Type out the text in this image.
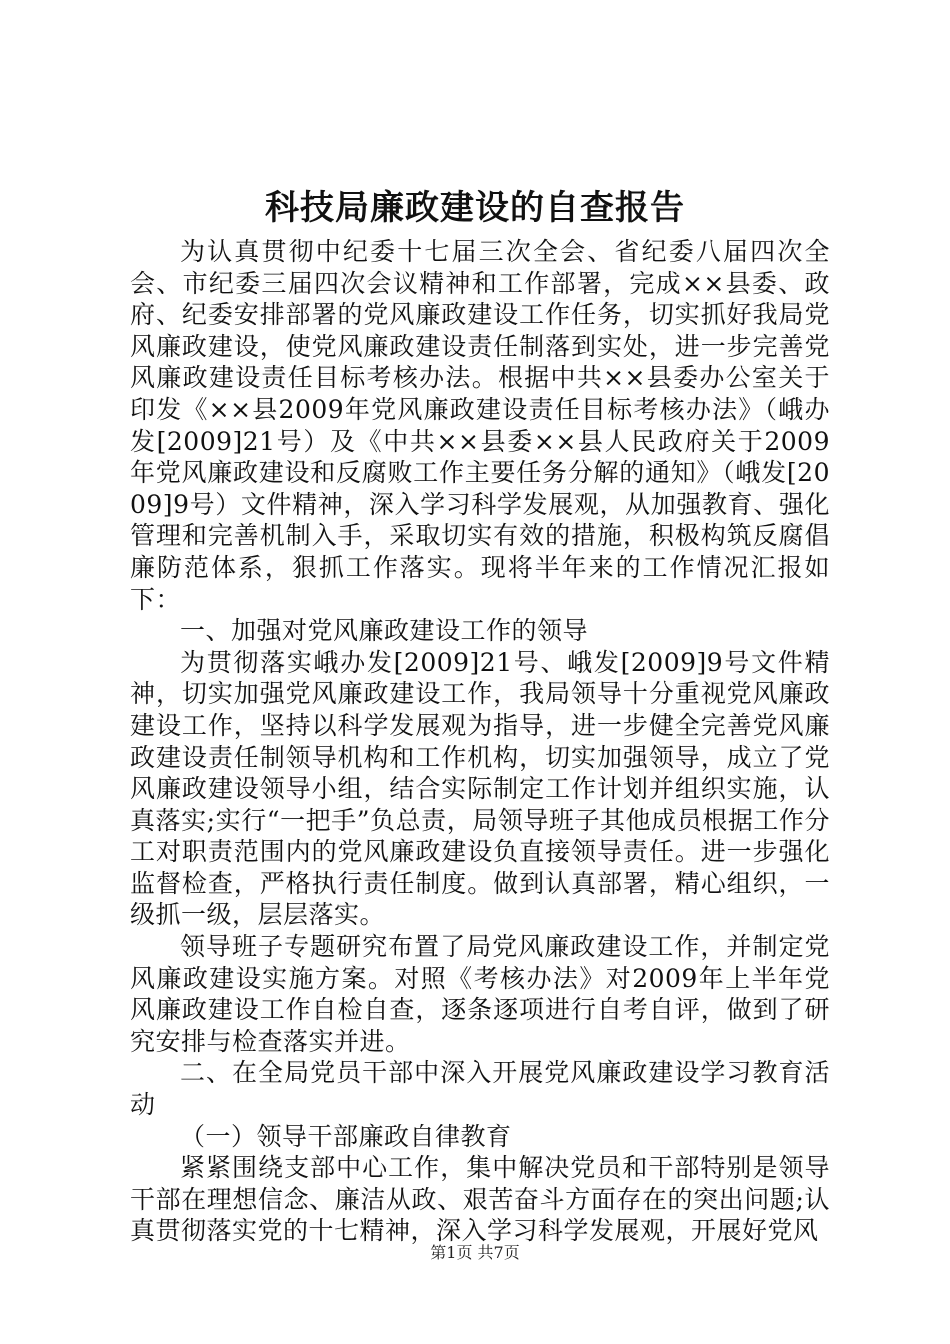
科技局廉政建设的自查报告

为认真贯彻中纪委十七届三次全会、省纪委八届四次全会、市纪委三届四次会议精神和工作部署，完成××县委、政府、纪委安排部署的党风廉政建设工作任务，切实抓好我局党风廉政建设，使党风廉政建设责任制落到实处，进一步完善党风廉政建设责任目标考核办法。根据中共××县委办公室关于印发《××县2009年党风廉政建设责任目标考核办法》（峨办发[2009]21号）及《中共××县委××县人民政府关于2009年党风廉政建设和反腐败工作主要任务分解的通知》（峨发[2009]9号）文件精神，深入学习科学发展观，从加强教育、强化管理和完善机制入手，采取切实有效的措施，积极构筑反腐倡廉防范体系，狠抓工作落实。现将半年来的工作情况汇报如下：

一、加强对党风廉政建设工作的领导

为贯彻落实峨办发[2009]21号、峨发[2009]9号文件精神，切实加强党风廉政建设工作，我局领导十分重视党风廉政建设工作，坚持以科学发展观为指导，进一步健全完善党风廉政建设责任制领导机构和工作机构，切实加强领导，成立了党风廉政建设领导小组，结合实际制定工作计划并组织实施，认真落实;实行“一把手”负总责，局领导班子其他成员根据工作分工对职责范围内的党风廉政建设负直接领导责任。进一步强化监督检查，严格执行责任制度。做到认真部署，精心组织，一级抓一级，层层落实。

领导班子专题研究布置了局党风廉政建设工作，并制定党风廉政建设实施方案。对照《考核办法》对2009年上半年党风廉政建设工作自检自查，逐条逐项进行自考自评，做到了研究安排与检查落实并进。

二、在全局党员干部中深入开展党风廉政建设学习教育活动

（一）领导干部廉政自律教育

紧紧围绕支部中心工作，集中解决党员和干部特别是领导干部在理想信念、廉洁从政、艰苦奋斗方面存在的突出问题;认真贯彻落实党的十七精神，深入学习科学发展观，开展好党风

第1页 共7页
